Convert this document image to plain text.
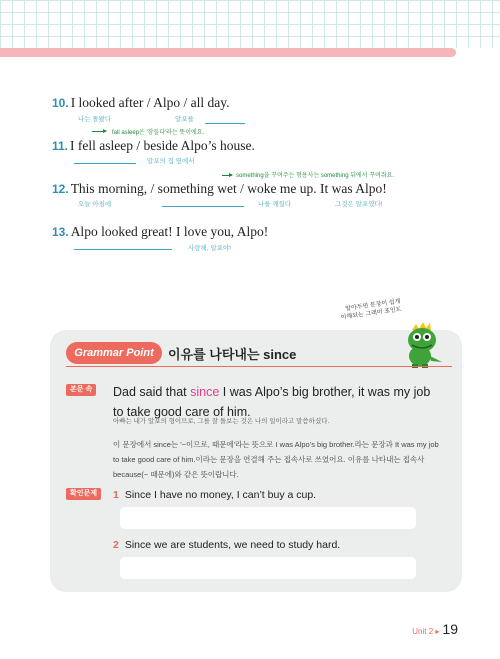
10. I looked after / Alpo / all day.
나는 돌봤다	알포를
fall asleep은 '잠들다'라는 뜻이에요.
11. I fell asleep / beside Alpo’s house.
알포의 집 옆에서
something을 꾸며주는 형용사는 something 뒤에서 꾸며줘요.
12. This morning, / something wet / woke me up. It was Alpo!
오늘 아침에	나를 깨웠다	그것은 알포였다!
13. Alpo looked great! I love you, Alpo!
사랑해, 알포야!
알아두면 문장이 쉽게
이해되는 그래머 포인트
Grammar Point	이유를 나타내는 since
본문 속	Dad said that since I was Alpo’s big brother, it was my job to take good care of him.
아빠는 내가 알포의 형이므로, 그를 잘 돌보는 것은 나의 일이라고 말씀하셨다.
이 문장에서 since는 '~이므로, 때문에'라는 뜻으로 I was Alpo’s big brother.라는 문장과 It was my job to take good care of him.이라는 문장을 연결해 주는 접속사로 쓰였어요. 이유를 나타내는 접속사 because(~ 때문에)와 같은 뜻이랍니다.
확인문제	1 Since I have no money, I can’t buy a cup.
2 Since we are students, we need to study hard.
Unit 2 ▸ 19
